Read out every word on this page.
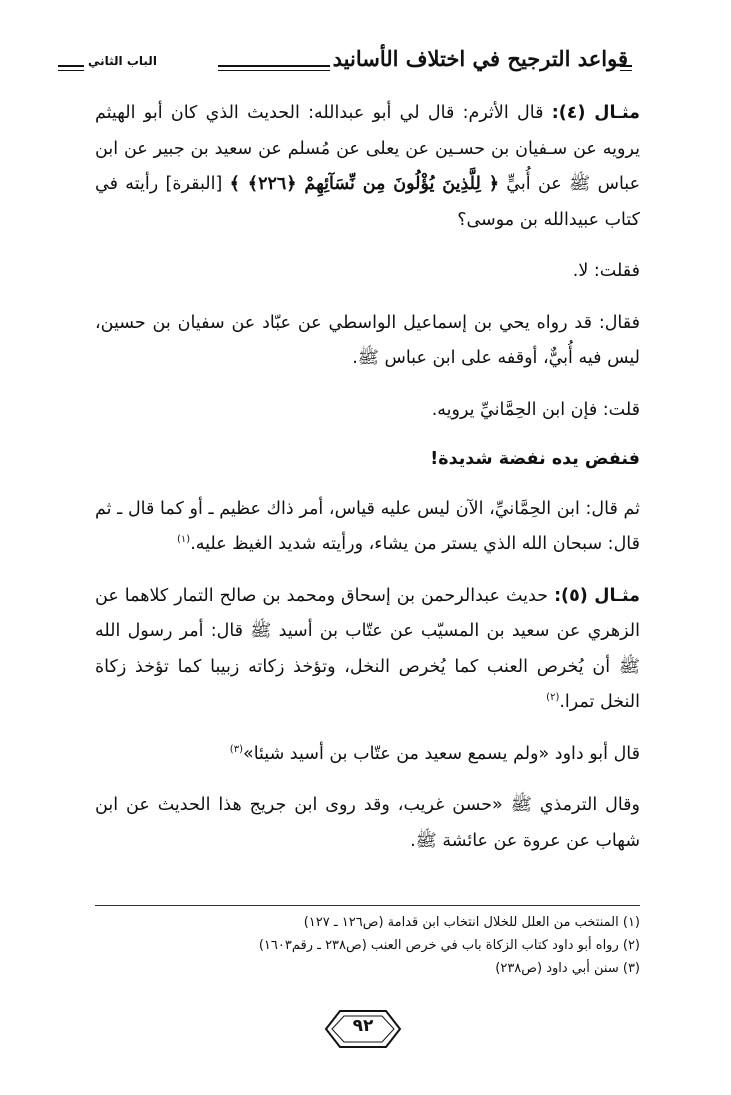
قواعد الترجيح في اختلاف الأسانيد
الباب الثاني

مثـال (٤): قال الأثرم: قال لي أبو عبدالله: الحديث الذي كان أبو الهيثم يرويه عن سـفيان بن حسـين عن يعلى عن مُسلم عن سعيد بن جبير عن ابن عباس ﷺ عن أُبيٍّ ﴿ لِلَّذِينَ يُؤْلُونَ مِن نِّسَآئِهِمْ ﴿٢٢٦﴾ ﴾ [البقرة] رأيته في كتاب عبيدالله بن موسى؟

فقلت: لا.

فقال: قد رواه يحي بن إسماعيل الواسطي عن عبّاد عن سفيان بن حسين، ليس فيه أُبيٌّ، أوقفه على ابن عباس ﷺ.

قلت: فإن ابن الحِمَّانيِّ يرويه.

فنفض يده نفضة شديدة!

ثم قال: ابن الحِمَّانيِّ، الآن ليس عليه قياس، أمر ذاك عظيم ـ أو كما قال ـ ثم قال: سبحان الله الذي يستر من يشاء، ورأيته شديد الغيظ عليه.$^{(١)}$

مثـال (٥): حديث عبدالرحمن بن إسحاق ومحمد بن صالح التمار كلاهما عن الزهري عن سعيد بن المسيّب عن عتّاب بن أسيد ﷺ قال: أمر رسول الله ﷺ أن يُخرص العنب كما يُخرص النخل، وتؤخذ زكاته زبيبا كما تؤخذ زكاة النخل تمرا.$^{(٢)}$

قال أبو داود «ولم يسمع سعيد من عتّاب بن أسيد شيئا»$^{(٣)}$

وقال الترمذي ﷺ «حسن غريب، وقد روى ابن جريج هذا الحديث عن ابن شهاب عن عروة عن عائشة ﷺ.

(١) المنتخب من العلل للخلال انتخاب ابن قدامة (ص١٢٦ ـ ١٢٧)
(٢) رواه أبو داود كتاب الزكاة باب في خرص العنب (ص٢٣٨ ـ رقم١٦٠٣)
(٣) سنن أبي داود (ص٢٣٨)
٩٢
